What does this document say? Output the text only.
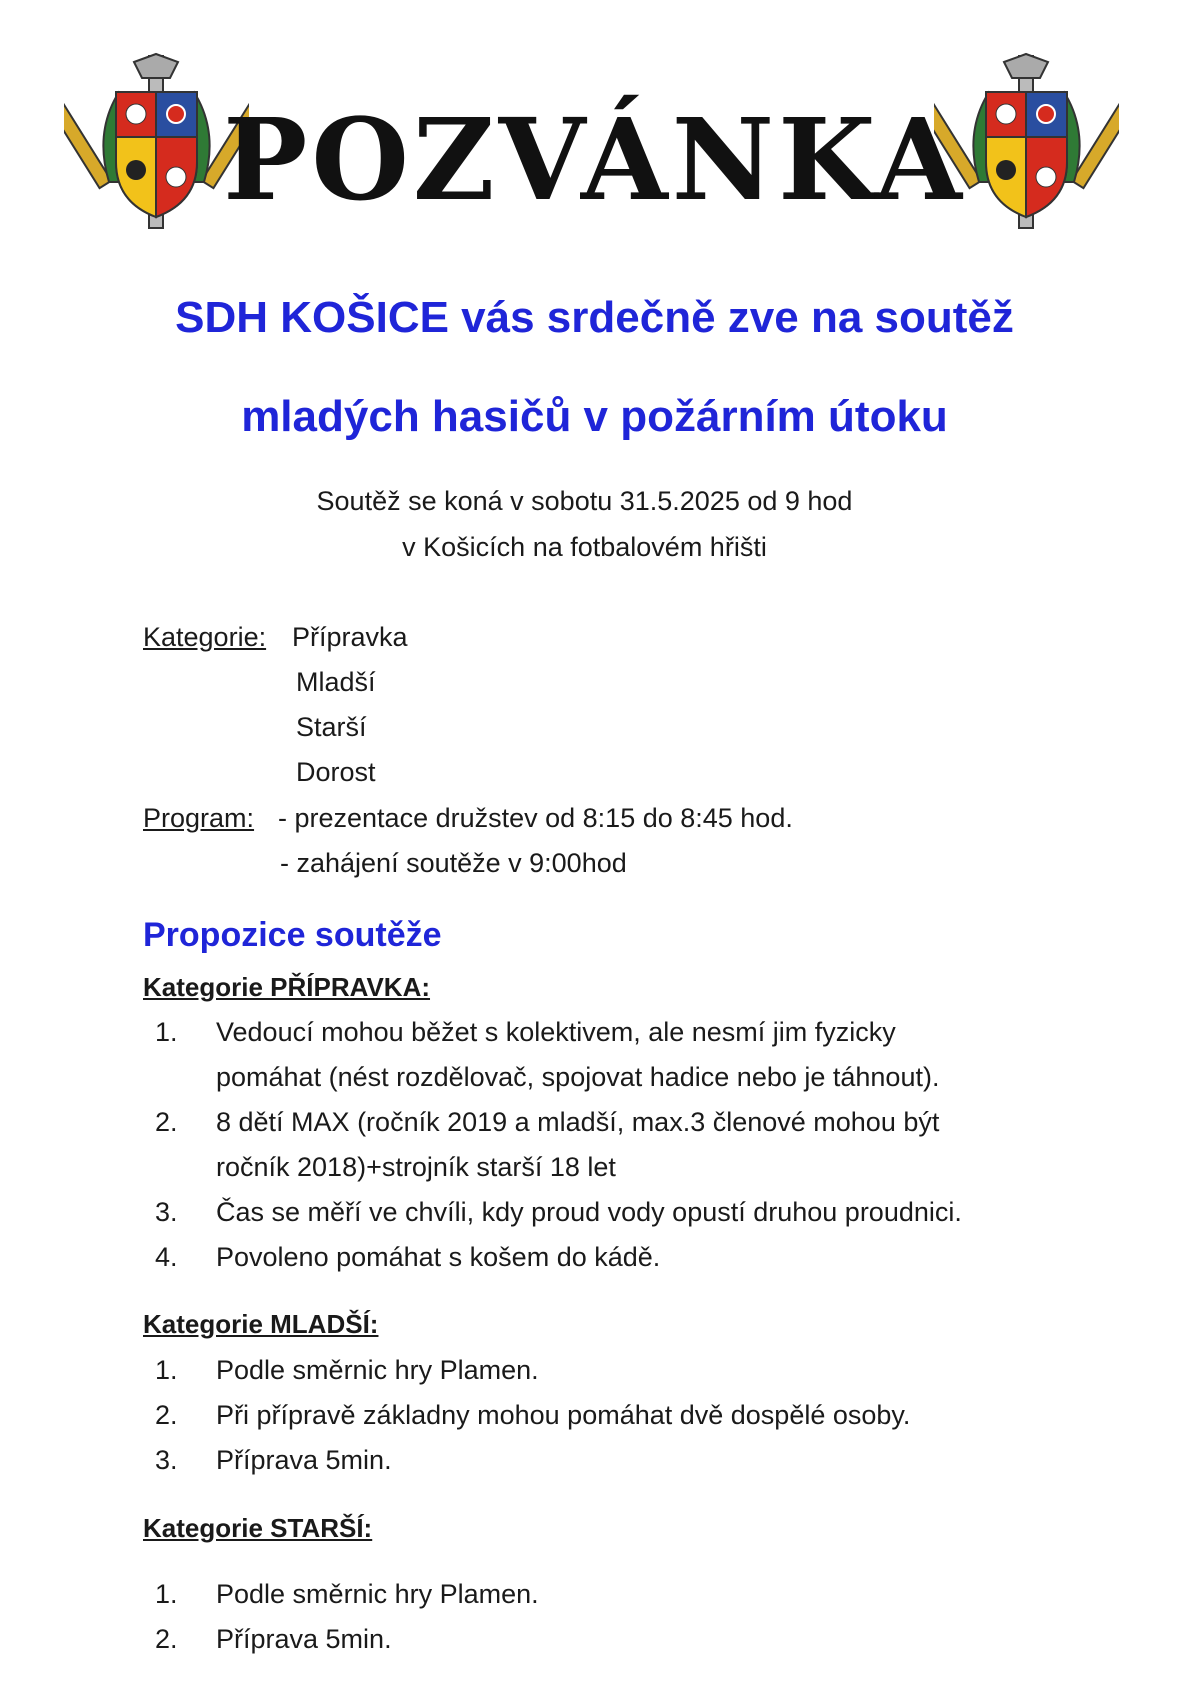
POZVÁNKA
SDH KOŠICE vás srdečně zve na soutěž
mladých hasičů v požárním útoku
Soutěž se koná v sobotu 31.5.2025 od 9 hod
v Košicích na fotbalovém hřišti
Kategorie: Přípravka
Mladší
Starší
Dorost
Program: - prezentace družstev od 8:15 do 8:45 hod.
- zahájení soutěže v 9:00hod
Propozice soutěže
Kategorie PŘÍPRAVKA:
1. Vedoucí mohou běžet s kolektivem, ale nesmí jim fyzicky
pomáhat (nést rozdělovač, spojovat hadice nebo je táhnout).
2. 8 dětí MAX (ročník 2019 a mladší, max.3 členové mohou být
ročník 2018)+strojník starší 18 let
3. Čas se měří ve chvíli, kdy proud vody opustí druhou proudnici.
4. Povoleno pomáhat s košem do kádě.
Kategorie MLADŠÍ:
1. Podle směrnic hry Plamen.
2. Při přípravě základny mohou pomáhat dvě dospělé osoby.
3. Příprava 5min.
Kategorie STARŠÍ:
1. Podle směrnic hry Plamen.
2. Příprava 5min.
